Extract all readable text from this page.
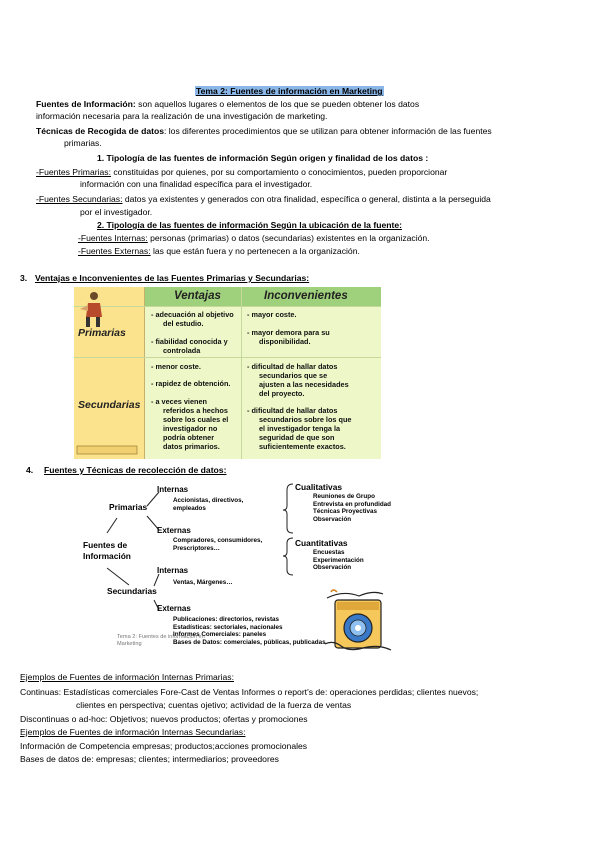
Tema 2: Fuentes de información en Marketing
Fuentes de Información: son aquellos lugares o elementos de los que se pueden obtener los datos
información necesaria para la realización de una investigación de marketing.
Técnicas de Recogida de datos: los diferentes procedimientos que se utilizan para obtener información de las fuentes
primarias.
1. Tipología de las fuentes de información Según origen y finalidad de los datos :
-Fuentes Primarias: constituidas por quienes, por su comportamiento o conocimientos, pueden proporcionar
información con una finalidad específica para el investigador.
-Fuentes Secundarias: datos ya existentes y generados con otra finalidad, específica o general, distinta a la perseguida
por el investigador.
2. Tipología de las fuentes de información Según la ubicación de la fuente:
-Fuentes Internas: personas (primarias) o datos (secundarias) existentes en la organización.
-Fuentes Externas: las que están fuera y no pertenecen a la organización.
3. Ventajas e Inconvenientes de las Fuentes Primarias y Secundarias:
Ventajas	Inconvenientes
Primarias
Secundarias
- adecuación al objetivo
del estudio.
- fiabilidad conocida y
controlada
- mayor coste.
- mayor demora para su
disponibilidad.
- menor coste.
- rapidez de obtención.
- a veces vienen
referidos a hechos
sobre los cuales el
investigador no
podría obtener
datos primarios.
- dificultad de hallar datos
secundarios que se
ajusten a las necesidades
del proyecto.
- dificultad de hallar datos
secundarios sobre los que
el investigador tenga la
seguridad de que son
suficientemente exactos.
4. Fuentes y Técnicas de recolección de datos:
Fuentes de
Información
Primarias
Secundarias
Internas
Accionistas, directivos,
empleados
Externas
Compradores, consumidores,
Prescriptores…
Internas
Ventas, Márgenes…
Externas
Publicaciones: directorios, revistas
Estadísticas: sectoriales, nacionales
Informes Comerciales: paneles
Bases de Datos: comerciales, públicas, publicadas
Cualitativas
Reuniones de Grupo
Entrevista en profundidad
Técnicas Proyectivas
Observación
Cuantitativas
Encuestas
Experimentación
Observación
Tema 2: Fuentes de información en
Marketing
Ejemplos de Fuentes de información Internas Primarias:
Continuas: Estadísticas comerciales Fore-Cast de Ventas Informes o report's de: operaciones perdidas; clientes nuevos;
clientes en perspectiva; cuentas ojetivo; actividad de la fuerza de ventas
Discontinuas o ad-hoc: Objetivos; nuevos productos; ofertas y promociones
Ejemplos de Fuentes de información Internas Secundarias:
Información de Competencia empresas; productos;acciones promocionales
Bases de datos de: empresas; clientes; intermediarios; proveedores
